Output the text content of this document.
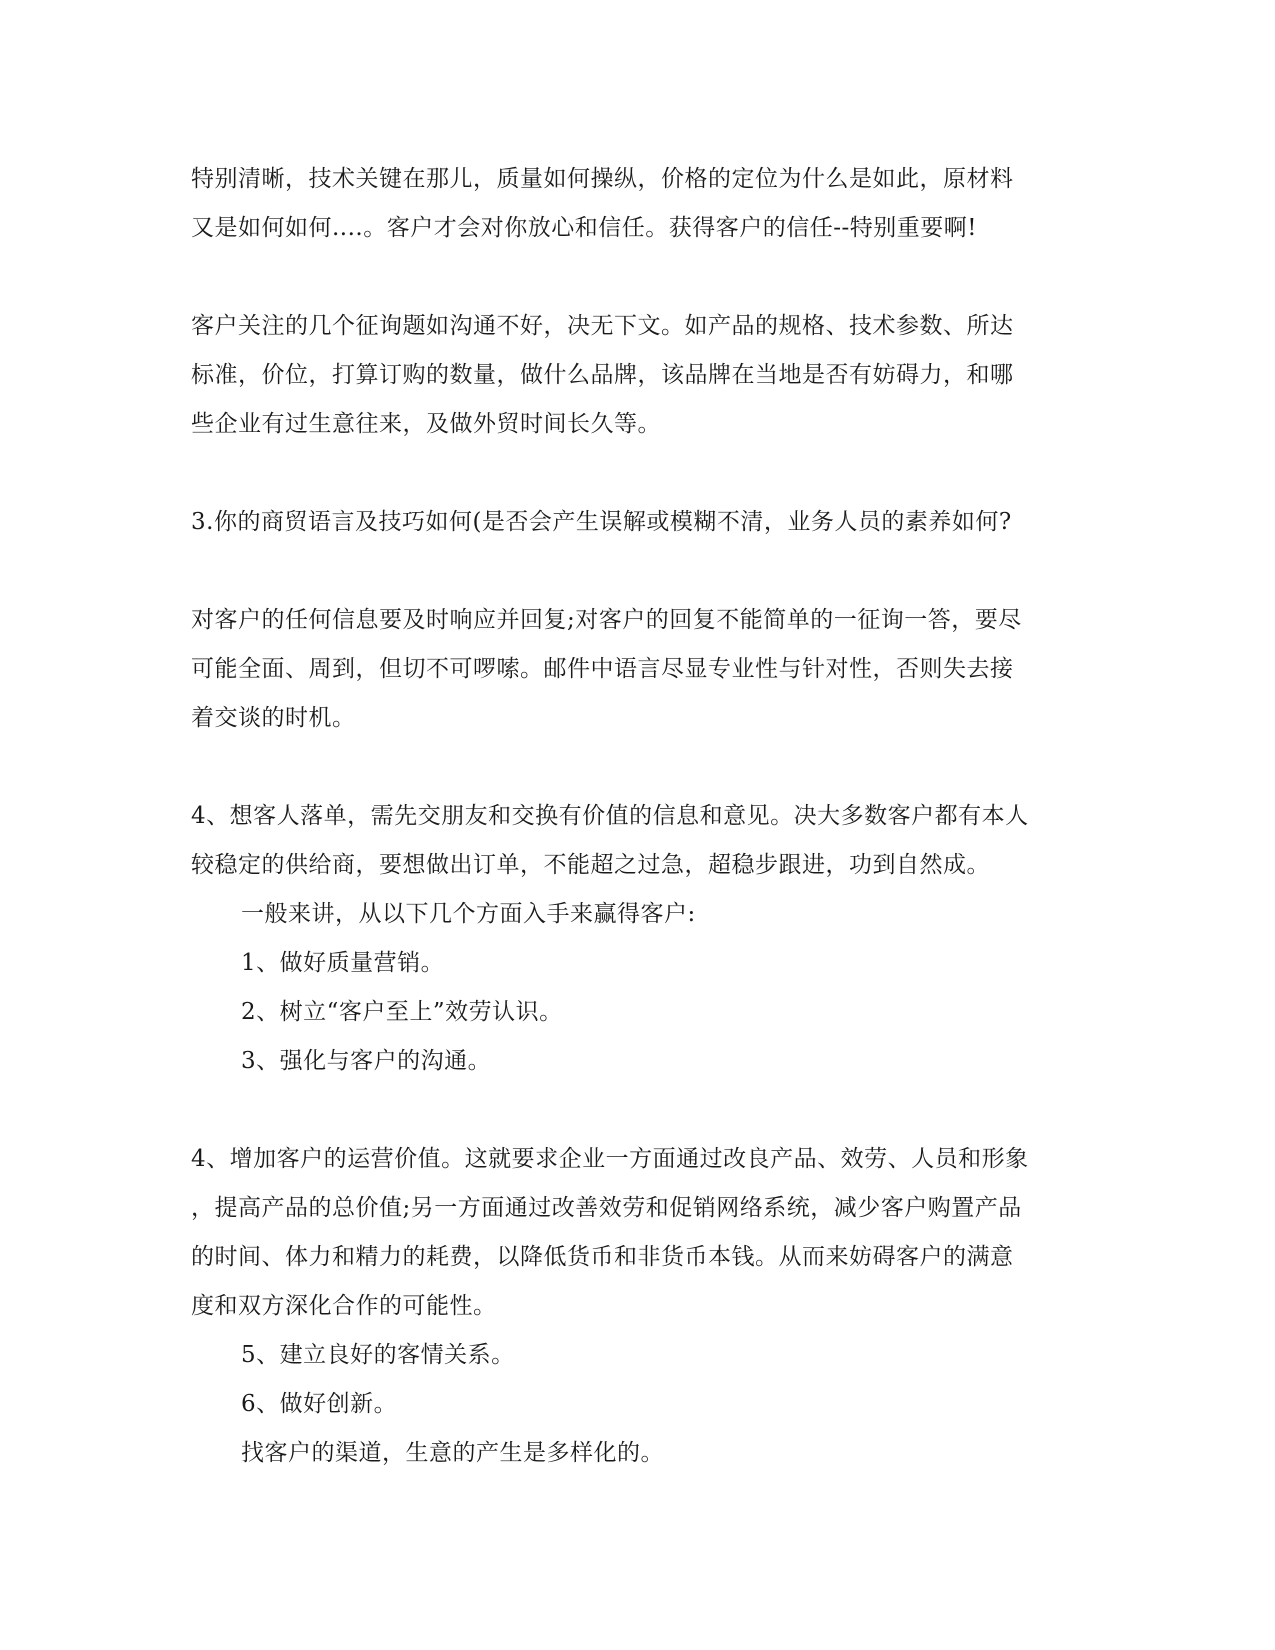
特别清晰，技术关键在那儿，质量如何操纵，价格的定位为什么是如此，原材料
又是如何如何....。客户才会对你放心和信任。获得客户的信任--特别重要啊!
客户关注的几个征询题如沟通不好，决无下文。如产品的规格、技术参数、所达
标准，价位，打算订购的数量，做什么品牌，该品牌在当地是否有妨碍力，和哪
些企业有过生意往来，及做外贸时间长久等。
3.你的商贸语言及技巧如何(是否会产生误解或模糊不清，业务人员的素养如何?
对客户的任何信息要及时响应并回复;对客户的回复不能简单的一征询一答，要尽
可能全面、周到，但切不可啰嗦。邮件中语言尽显专业性与针对性，否则失去接
着交谈的时机。
4、想客人落单，需先交朋友和交换有价值的信息和意见。决大多数客户都有本人
较稳定的供给商，要想做出订单，不能超之过急，超稳步跟进，功到自然成。
一般来讲，从以下几个方面入手来赢得客户:
1、做好质量营销。
2、树立“客户至上”效劳认识。
3、强化与客户的沟通。
4、增加客户的运营价值。这就要求企业一方面通过改良产品、效劳、人员和形象
，提高产品的总价值;另一方面通过改善效劳和促销网络系统，减少客户购置产品
的时间、体力和精力的耗费，以降低货币和非货币本钱。从而来妨碍客户的满意
度和双方深化合作的可能性。
5、建立良好的客情关系。
6、做好创新。
找客户的渠道，生意的产生是多样化的。
